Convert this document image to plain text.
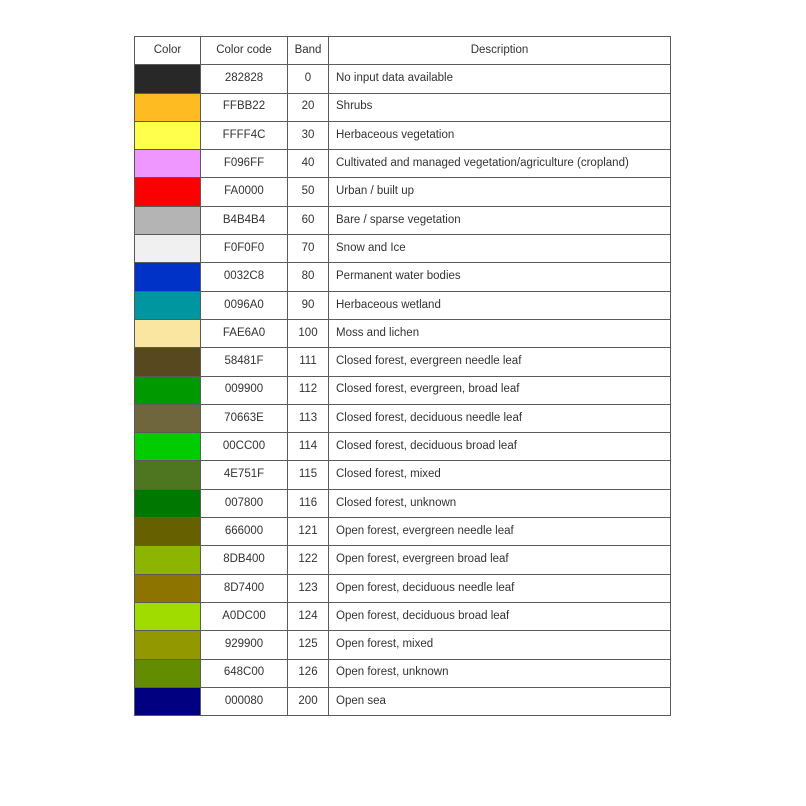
Color	Color code	Band	Description

	282828	0	No input data available

	FFBB22	20	Shrubs

	FFFF4C	30	Herbaceous vegetation

	F096FF	40	Cultivated and managed vegetation/agriculture (cropland)

	FA0000	50	Urban / built up

	B4B4B4	60	Bare / sparse vegetation

	F0F0F0	70	Snow and Ice

	0032C8	80	Permanent water bodies

	0096A0	90	Herbaceous wetland

	FAE6A0	100	Moss and lichen

	58481F	111	Closed forest, evergreen needle leaf

	009900	112	Closed forest, evergreen, broad leaf

	70663E	113	Closed forest, deciduous needle leaf

	00CC00	114	Closed forest, deciduous broad leaf

	4E751F	115	Closed forest, mixed

	007800	116	Closed forest, unknown

	666000	121	Open forest, evergreen needle leaf

	8DB400	122	Open forest, evergreen broad leaf

	8D7400	123	Open forest, deciduous needle leaf

	A0DC00	124	Open forest, deciduous broad leaf

	929900	125	Open forest, mixed

	648C00	126	Open forest, unknown

	000080	200	Open sea
